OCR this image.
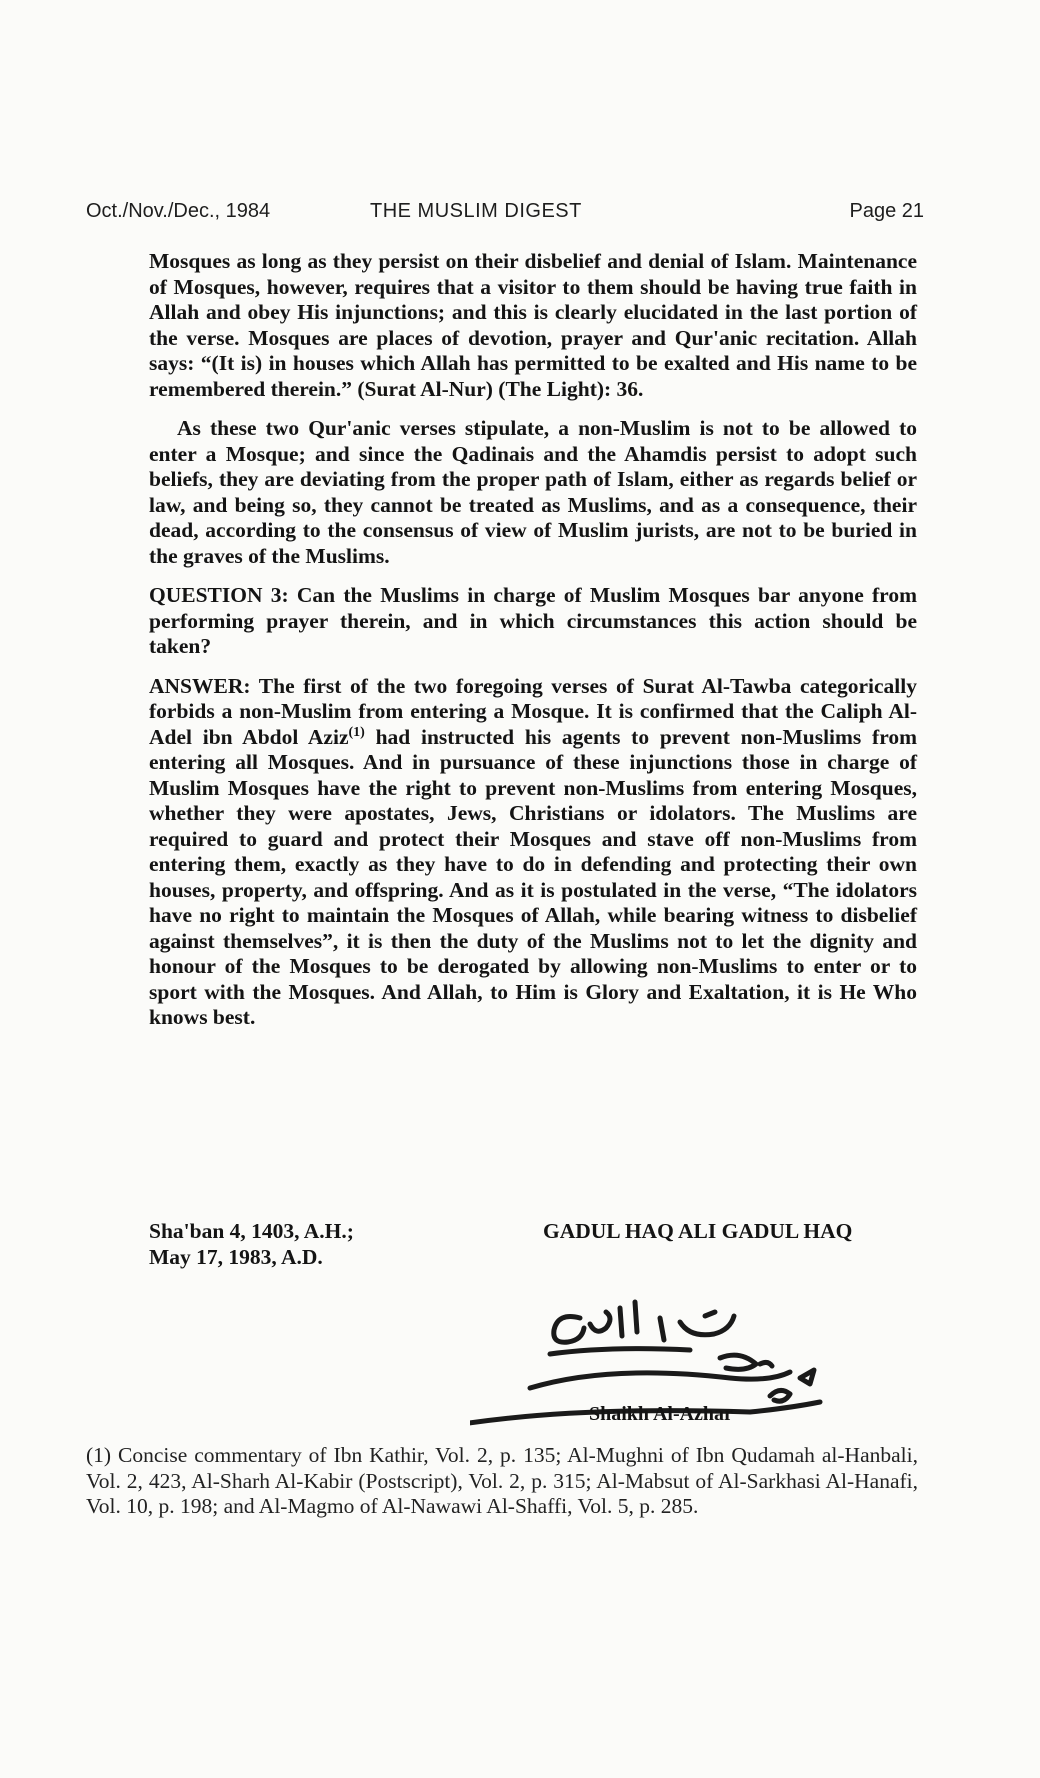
Oct./Nov./Dec., 1984	THE MUSLIM DIGEST	Page 21

Mosques as long as they persist on their disbelief and denial of Islam. Maintenance of Mosques, however, requires that a visitor to them should be having true faith in Allah and obey His injunctions; and this is clearly elucidated in the last portion of the verse. Mosques are places of devotion, prayer and Qur'anic recitation. Allah says: “(It is) in houses which Allah has permitted to be exalted and His name to be remembered therein.” (Surat Al-Nur) (The Light): 36.

As these two Qur'anic verses stipulate, a non-Muslim is not to be allowed to enter a Mosque; and since the Qadinais and the Ahamdis persist to adopt such beliefs, they are deviating from the proper path of Islam, either as regards belief or law, and being so, they cannot be treated as Muslims, and as a consequence, their dead, according to the consensus of view of Muslim jurists, are not to be buried in the graves of the Muslims.

QUESTION 3: Can the Muslims in charge of Muslim Mosques bar anyone from performing prayer therein, and in which circumstances this action should be taken?

ANSWER: The first of the two foregoing verses of Surat Al-Tawba categorically forbids a non-Muslim from entering a Mosque. It is confirmed that the Caliph Al-Adel ibn Abdol Aziz$^{(1)}$ had instructed his agents to prevent non-Muslims from entering all Mosques. And in pursuance of these injunctions those in charge of Muslim Mosques have the right to prevent non-Muslims from entering Mosques, whether they were apostates, Jews, Christians or idolators. The Muslims are required to guard and protect their Mosques and stave off non-Muslims from entering them, exactly as they have to do in defending and protecting their own houses, property, and offspring. And as it is postulated in the verse, “The idolators have no right to maintain the Mosques of Allah, while bearing witness to disbelief against themselves”, it is then the duty of the Muslims not to let the dignity and honour of the Mosques to be derogated by allowing non-Muslims to enter or to sport with the Mosques. And Allah, to Him is Glory and Exaltation, it is He Who knows best.

Sha'ban 4, 1403, A.H.;
May 17, 1983, A.D.
GADUL HAQ ALI GADUL HAQ
Shaikh Al-Azhar
(1) Concise commentary of Ibn Kathir, Vol. 2, p. 135; Al-Mughni of Ibn Qudamah al-Hanbali, Vol. 2, 423, Al-Sharh Al-Kabir (Postscript), Vol. 2, p. 315; Al-Mabsut of Al-Sarkhasi Al-Hanafi, Vol. 10, p. 198; and Al-Magmo of Al-Nawawi Al-Shaffi, Vol. 5, p. 285.
